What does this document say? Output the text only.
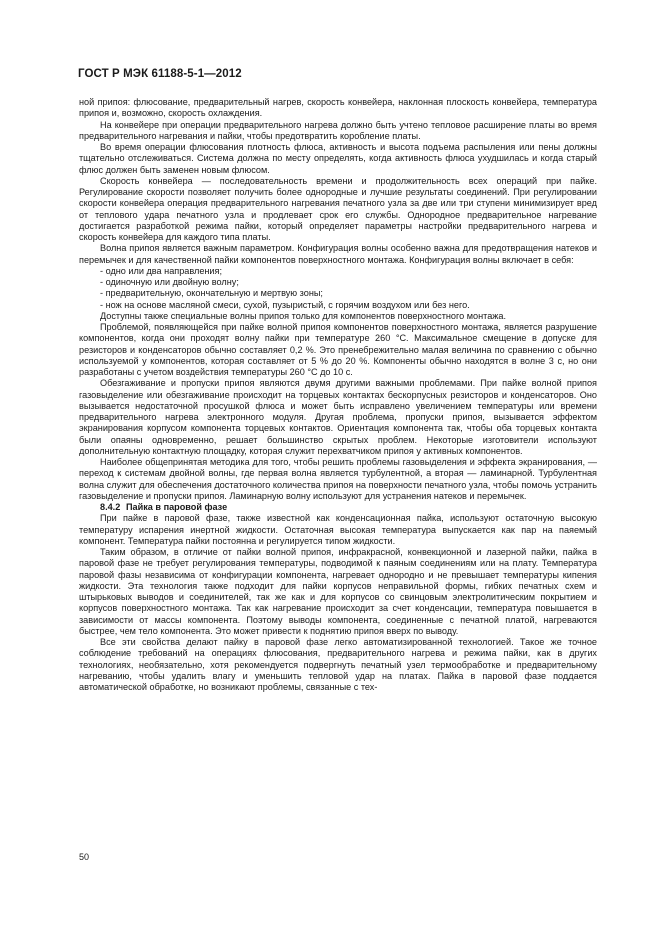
ГОСТ Р МЭК 61188-5-1—2012

ной припоя: флюсование, предварительный нагрев, скорость конвейера, наклонная плоскость конвейера, температура припоя и, возможно, скорость охлаждения.

На конвейере при операции предварительного нагрева должно быть учтено тепловое расширение платы во время предварительного нагревания и пайки, чтобы предотвратить коробление платы.

Во время операции флюсования плотность флюса, активность и высота подъема распыления или пены должны тщательно отслеживаться. Система должна по месту определять, когда активность флюса ухудшилась и когда старый флюс должен быть заменен новым флюсом.

Скорость конвейера — последовательность времени и продолжительность всех операций при пайке. Регулирование скорости позволяет получить более однородные и лучшие результаты соединений. При регулировании скорости конвейера операция предварительного нагревания печатного узла за две или три ступени минимизирует вред от теплового удара печатного узла и продлевает срок его службы. Однородное предварительное нагревание достигается разработкой режима пайки, который определяет параметры настройки предварительного нагрева и скорость конвейера для каждого типа платы.

Волна припоя является важным параметром. Конфигурация волны особенно важна для предотвращения натеков и перемычек и для качественной пайки компонентов поверхностного монтажа. Конфигурация волны включает в себя:

- одно или два направления;
- одиночную или двойную волну;
- предварительную, окончательную и мертвую зоны;
- нож на основе масляной смеси, сухой, пузыристый, с горячим воздухом или без него.

Доступны также специальные волны припоя только для компонентов поверхностного монтажа.

Проблемой, появляющейся при пайке волной припоя компонентов поверхностного монтажа, является разрушение компонентов, когда они проходят волну пайки при температуре 260 °С. Максимальное смещение в допуске для резисторов и конденсаторов обычно составляет 0,2 %. Это пренебрежительно малая величина по сравнению с обычно используемой у компонентов, которая составляет от 5 % до 20 %. Компоненты обычно находятся в волне 3 с, но они разработаны с учетом воздействия температуры 260 °С до 10 с.

Обезгаживание и пропуски припоя являются двумя другими важными проблемами. При пайке волной припоя газовыделение или обезгаживание происходит на торцевых контактах бескорпусных резисторов и конденсаторов. Оно вызывается недостаточной просушкой флюса и может быть исправлено увеличением температуры или времени предварительного нагрева электронного модуля. Другая проблема, пропуски припоя, вызывается эффектом экранирования корпусом компонента торцевых контактов. Ориентация компонента так, чтобы оба торцевых контакта были опаяны одновременно, решает большинство скрытых проблем. Некоторые изготовители используют дополнительную контактную площадку, которая служит перехватчиком припоя у активных компонентов.

Наиболее общепринятая методика для того, чтобы решить проблемы газовыделения и эффекта экранирования, — переход к системам двойной волны, где первая волна является турбулентной, а вторая — ламинарной. Турбулентная волна служит для обеспечения достаточного количества припоя на поверхности печатного узла, чтобы помочь устранить газовыделение и пропуски припоя. Ламинарную волну используют для устранения натеков и перемычек.

8.4.2 Пайка в паровой фазе

При пайке в паровой фазе, также известной как конденсационная пайка, используют остаточную высокую температуру испарения инертной жидкости. Остаточная высокая температура выпускается как пар на паяемый компонент. Температура пайки постоянна и регулируется типом жидкости.

Таким образом, в отличие от пайки волной припоя, инфракрасной, конвекционной и лазерной пайки, пайка в паровой фазе не требует регулирования температуры, подводимой к паяным соединениям или на плату. Температура паровой фазы независима от конфигурации компонента, нагревает однородно и не превышает температуры кипения жидкости. Эта технология также подходит для пайки корпусов неправильной формы, гибких печатных схем и штырьковых выводов и соединителей, так же как и для корпусов со свинцовым электролитическим покрытием и корпусов поверхностного монтажа. Так как нагревание происходит за счет конденсации, температура повышается в зависимости от массы компонента. Поэтому выводы компонента, соединенные с печатной платой, нагреваются быстрее, чем тело компонента. Это может привести к поднятию припоя вверх по выводу.

Все эти свойства делают пайку в паровой фазе легко автоматизированной технологией. Такое же точное соблюдение требований на операциях флюсования, предварительного нагрева и режима пайки, как в других технологиях, необязательно, хотя рекомендуется подвергнуть печатный узел термообработке и предварительному нагреванию, чтобы удалить влагу и уменьшить тепловой удар на платах. Пайка в паровой фазе поддается автоматической обработке, но возникают проблемы, связанные с тех-

50
